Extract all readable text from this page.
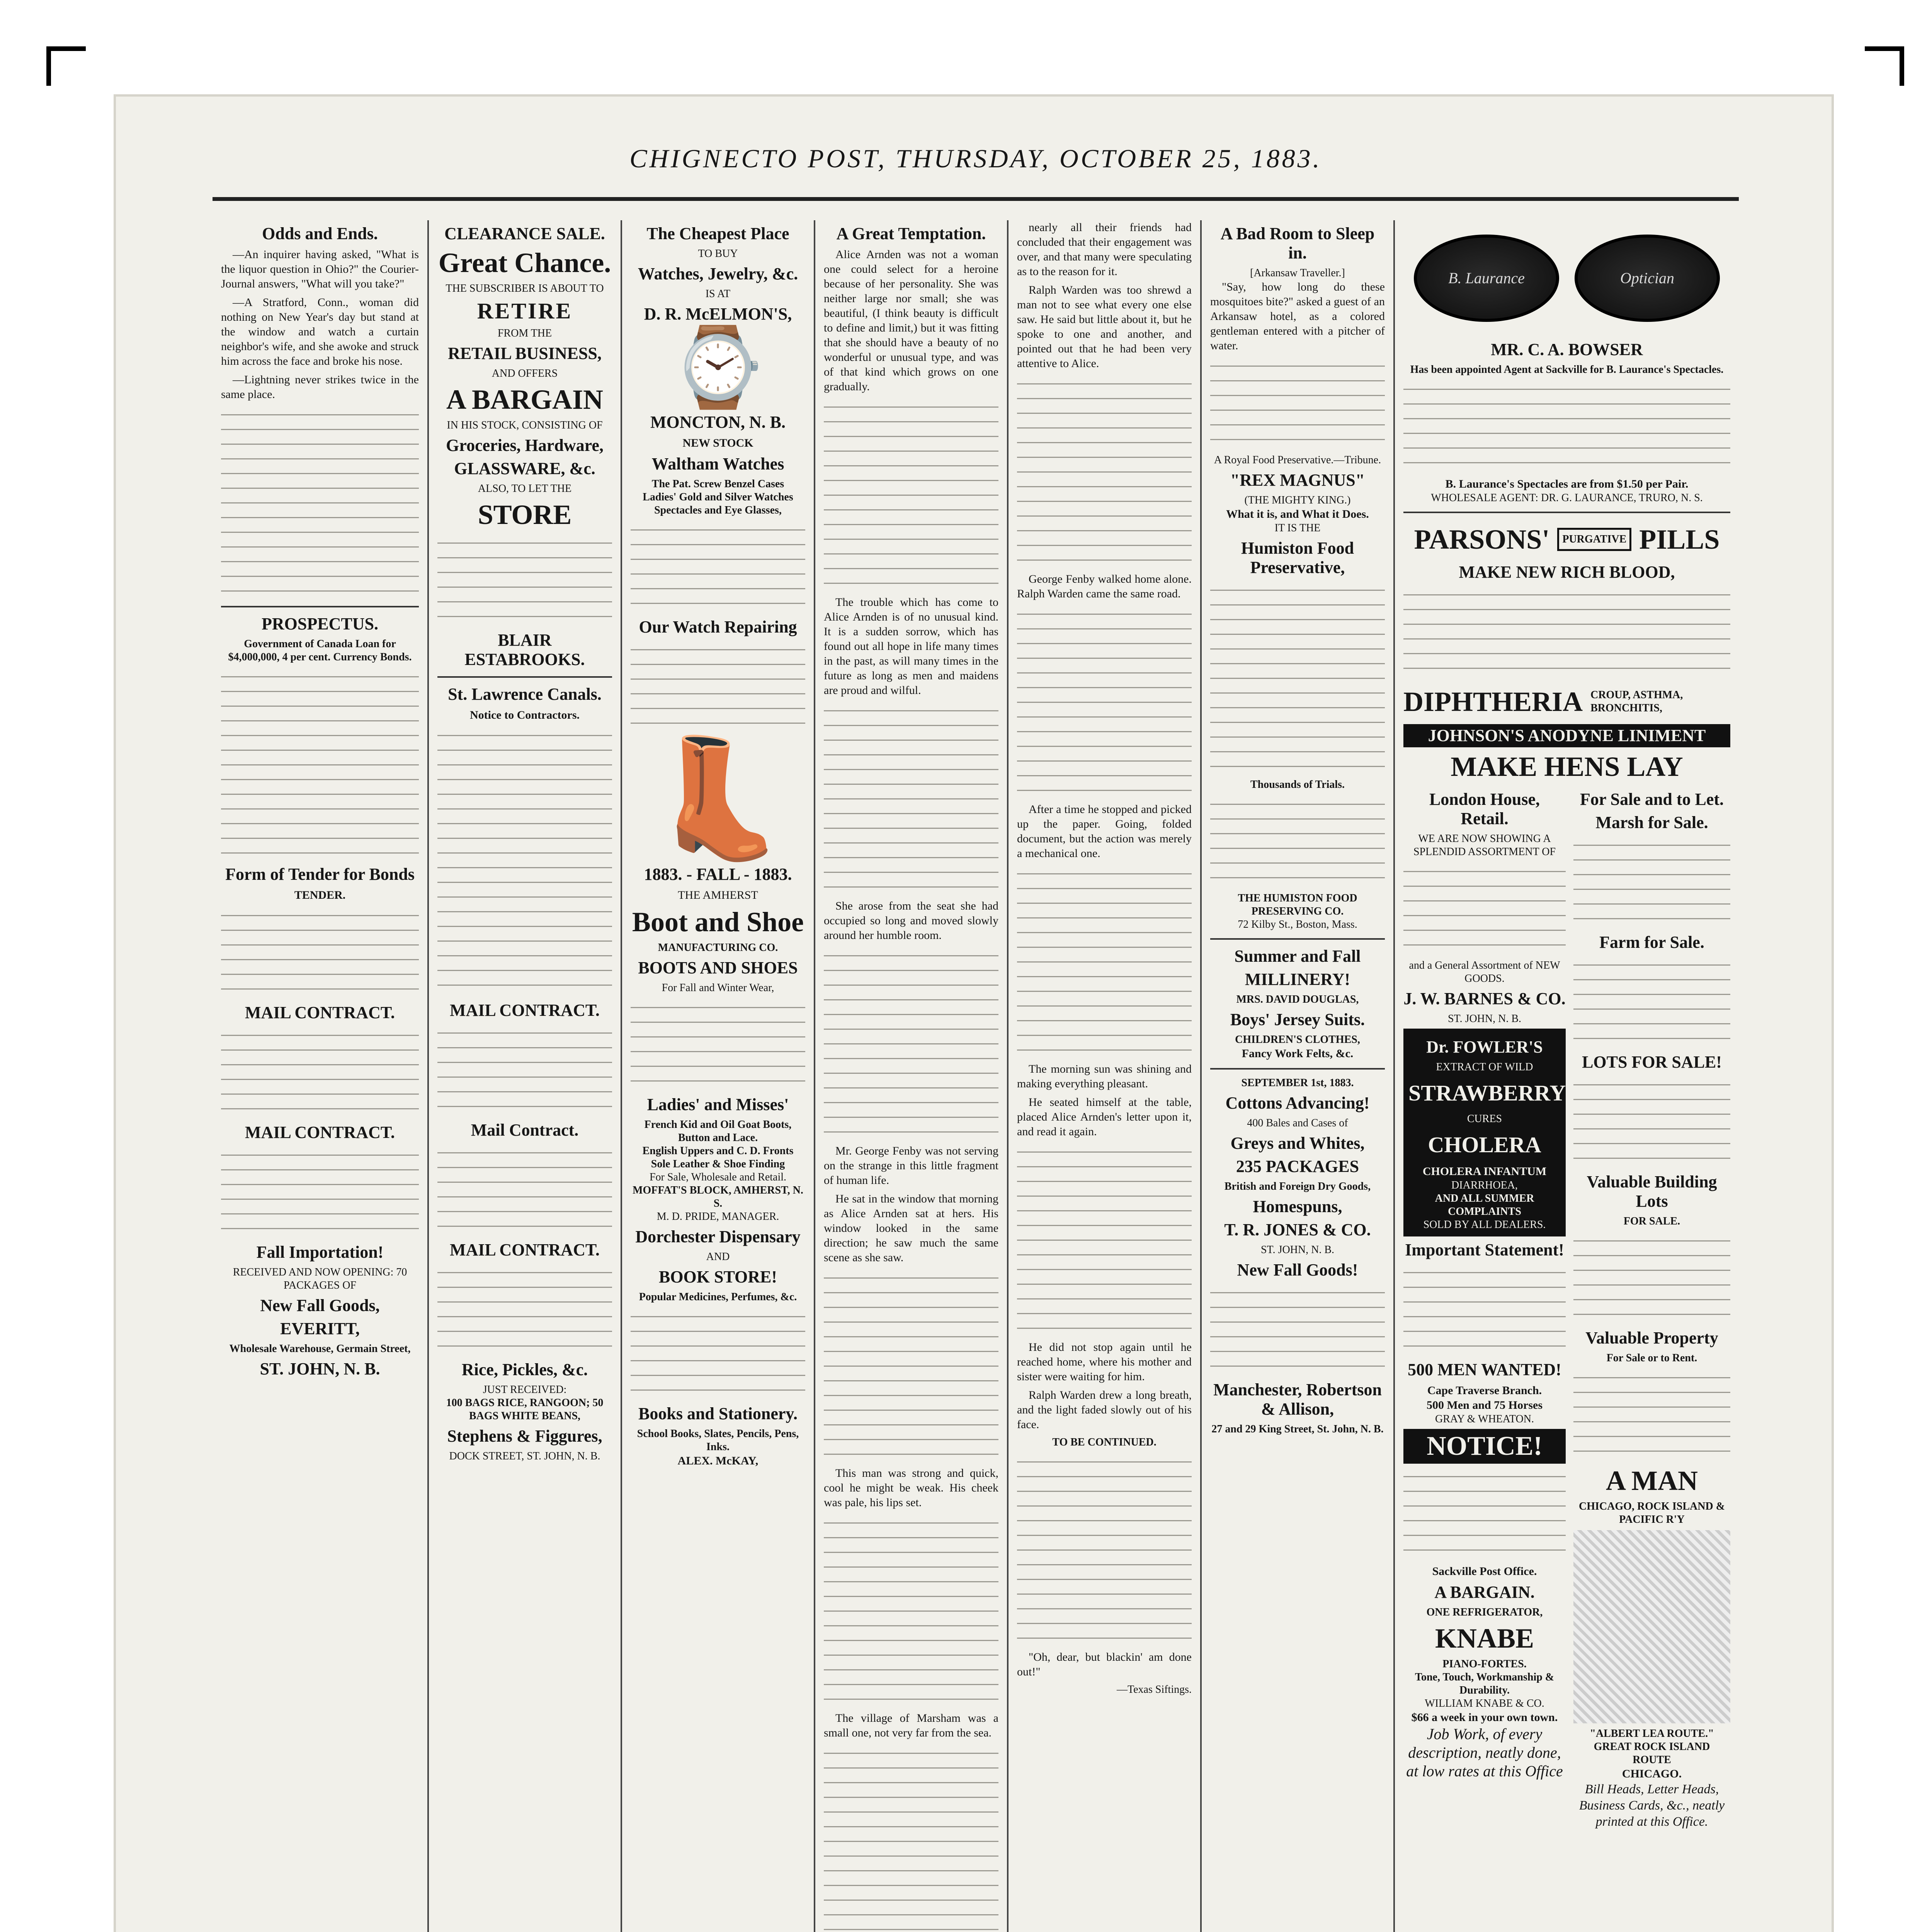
CHIGNECTO POST, THURSDAY, OCTOBER 25, 1883.
Odds and Ends.

—An inquirer having asked, "What is the liquor question in Ohio?" the Courier-Journal answers, "What will you take?"

—A Stratford, Conn., woman did nothing on New Year's day but stand at the window and watch a curtain neighbor's wife, and she awoke and struck him across the face and broke his nose.

—Lightning never strikes twice in the same place.

PROSPECTUS.
Government of Canada Loan for $4,000,000, 4 per cent. Currency Bonds.
Form of Tender for Bonds
TENDER.
MAIL CONTRACT.
MAIL CONTRACT.
Fall Importation!
RECEIVED AND NOW OPENING: 70 PACKAGES OF
New Fall Goods,
EVERITT,
Wholesale Warehouse, Germain Street,
ST. JOHN, N. B.
CLEARANCE SALE.
Great Chance.
THE SUBSCRIBER IS ABOUT TO
RETIRE
FROM THE
RETAIL BUSINESS,
AND OFFERS
A BARGAIN
IN HIS STOCK, CONSISTING OF
Groceries, Hardware,
GLASSWARE, &c.
ALSO, TO LET THE
STORE
BLAIR ESTABROOKS.
St. Lawrence Canals.
Notice to Contractors.
MAIL CONTRACT.
Mail Contract.
MAIL CONTRACT.
Rice, Pickles, &c.
JUST RECEIVED:
100 BAGS RICE, RANGOON; 50 BAGS WHITE BEANS,
Stephens & Figgures,
DOCK STREET, ST. JOHN, N. B.
The Cheapest Place
TO BUY
Watches, Jewelry, &c.
IS AT
D. R. McELMON'S,
⌚
MONCTON, N. B.
NEW STOCK
Waltham Watches
The Pat. Screw Benzel Cases
Ladies' Gold and Silver Watches
Spectacles and Eye Glasses,
Our Watch Repairing
👢
1883. - FALL - 1883.
THE AMHERST
Boot and Shoe
MANUFACTURING CO.
BOOTS AND SHOES
For Fall and Winter Wear,
Ladies' and Misses'
French Kid and Oil Goat Boots,
Button and Lace.
English Uppers and C. D. Fronts
Sole Leather & Shoe Finding
For Sale, Wholesale and Retail.
MOFFAT'S BLOCK, AMHERST, N. S.
M. D. PRIDE, MANAGER.
Dorchester Dispensary
AND
BOOK STORE!
Popular Medicines, Perfumes, &c.
Books and Stationery.
School Books, Slates, Pencils, Pens, Inks.
ALEX. McKAY,
A Great Temptation.

Alice Arnden was not a woman one could select for a heroine because of her personality. She was neither large nor small; she was beautiful, (I think beauty is difficult to define and limit,) but it was fitting that she should have a beauty of no wonderful or unusual type, and was of that kind which grows on one gradually.

The trouble which has come to Alice Arnden is of no unusual kind. It is a sudden sorrow, which has found out all hope in life many times in the past, as will many times in the future as long as men and maidens are proud and wilful.

She arose from the seat she had occupied so long and moved slowly around her humble room.

Mr. George Fenby was not serving on the strange in this little fragment of human life.

He sat in the window that morning as Alice Arnden sat at hers. His window looked in the same direction; he saw much the same scene as she saw.

This man was strong and quick, cool he might be weak. His cheek was pale, his lips set.

The village of Marsham was a small one, not very far from the sea.

nearly all their friends had concluded that their engagement was over, and that many were speculating as to the reason for it.

Ralph Warden was too shrewd a man not to see what every one else saw. He said but little about it, but he spoke to one and another, and pointed out that he had been very attentive to Alice.

George Fenby walked home alone. Ralph Warden came the same road.

After a time he stopped and picked up the paper. Going, folded document, but the action was merely a mechanical one.

The morning sun was shining and making everything pleasant.

He seated himself at the table, placed Alice Arnden's letter upon it, and read it again.

He did not stop again until he reached home, where his mother and sister were waiting for him.

Ralph Warden drew a long breath, and the light faded slowly out of his face.

TO BE CONTINUED.

"Oh, dear, but blackin' am done out!"

—Texas Siftings.
A Bad Room to Sleep in.
[Arkansaw Traveller.]

"Say, how long do these mosquitoes bite?" asked a guest of an Arkansaw hotel, as a colored gentleman entered with a pitcher of water.

A Royal Food Preservative.—Tribune.
"REX MAGNUS"
(THE MIGHTY KING.)
What it is, and What it Does.
IT IS THE
Humiston Food Preservative,
Thousands of Trials.
THE HUMISTON FOOD PRESERVING CO.
72 Kilby St., Boston, Mass.
Summer and Fall
MILLINERY!
MRS. DAVID DOUGLAS,
Boys' Jersey Suits.
CHILDREN'S CLOTHES,
Fancy Work Felts, &c.
SEPTEMBER 1st, 1883.
Cottons Advancing!
400 Bales and Cases of
Greys and Whites,
235 PACKAGES
British and Foreign Dry Goods,
Homespuns,
T. R. JONES & CO.
ST. JOHN, N. B.
New Fall Goods!
Manchester, Robertson & Allison,
27 and 29 King Street, St. John, N. B.
B. Laurance	Optician
MR. C. A. BOWSER
Has been appointed Agent at Sackville for B. Laurance's Spectacles.
B. Laurance's Spectacles are from $1.50 per Pair.
WHOLESALE AGENT: DR. G. LAURANCE, TRURO, N. S.
PARSONS'	PURGATIVE PILLS
MAKE NEW RICH BLOOD,
DIPHTHERIA CROUP, ASTHMA, BRONCHITIS,
JOHNSON'S ANODYNE LINIMENT
MAKE HENS LAY
London House, Retail.
WE ARE NOW SHOWING A SPLENDID ASSORTMENT OF
and a General Assortment of NEW GOODS.
J. W. BARNES & CO.
ST. JOHN, N. B.
Dr. FOWLER'S
EXTRACT OF WILD
STRAWBERRY
CURES
CHOLERA
CHOLERA INFANTUM
DIARRHOEA,
AND ALL SUMMER COMPLAINTS
SOLD BY ALL DEALERS.
Important Statement!
500 MEN WANTED!
Cape Traverse Branch.
500 Men and 75 Horses
GRAY & WHEATON.
NOTICE!
Sackville Post Office.
A BARGAIN.
ONE REFRIGERATOR,
KNABE
PIANO-FORTES.
Tone, Touch, Workmanship & Durability.
WILLIAM KNABE & CO.
$66 a week in your own town.
Job Work, of every description, neatly done, at low rates at this Office
For Sale and to Let.
Marsh for Sale.
Farm for Sale.
LOTS FOR SALE!
Valuable Building Lots
FOR SALE.
Valuable Property
For Sale or to Rent.
A MAN
CHICAGO, ROCK ISLAND & PACIFIC R'Y
"ALBERT LEA ROUTE."
GREAT ROCK ISLAND ROUTE
CHICAGO.
Bill Heads, Letter Heads, Business Cards, &c., neatly printed at this Office.
